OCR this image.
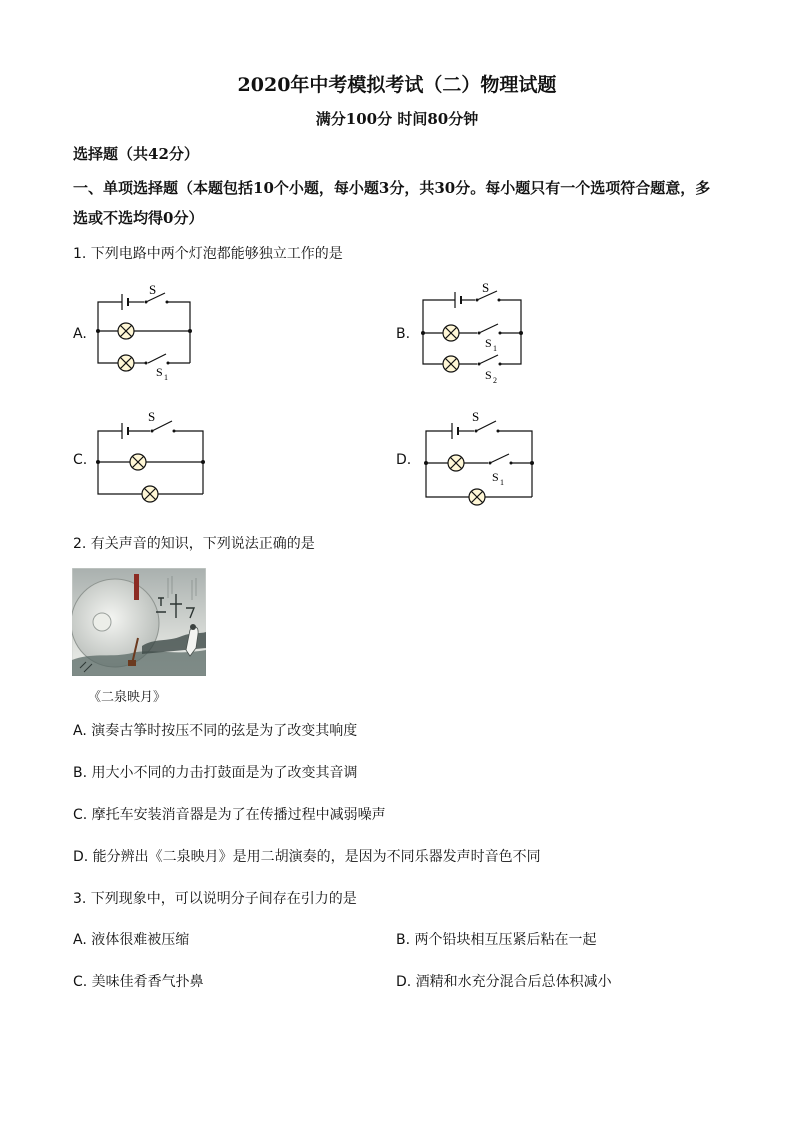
2020年中考模拟考试（二）物理试题
满分100分 时间80分钟
选择题（共42分）
一、单项选择题（本题包括10个小题，每小题3分，共30分。每小题只有一个选项符合题意，多选或不选均得0分）
1. 下列电路中两个灯泡都能够独立工作的是
A.
S
S 1
B.
S
S 1
S 2
C.
S
D.
S
S 1
2. 有关声音的知识，下列说法正确的是
《二泉映月》
A. 演奏古筝时按压不同的弦是为了改变其响度
B. 用大小不同的力击打鼓面是为了改变其音调
C. 摩托车安装消音器是为了在传播过程中减弱噪声
D. 能分辨出《二泉映月》是用二胡演奏的，是因为不同乐器发声时音色不同
3. 下列现象中，可以说明分子间存在引力的是
A. 液体很难被压缩	B. 两个铅块相互压紧后粘在一起
C. 美味佳肴香气扑鼻	D. 酒精和水充分混合后总体积减小
